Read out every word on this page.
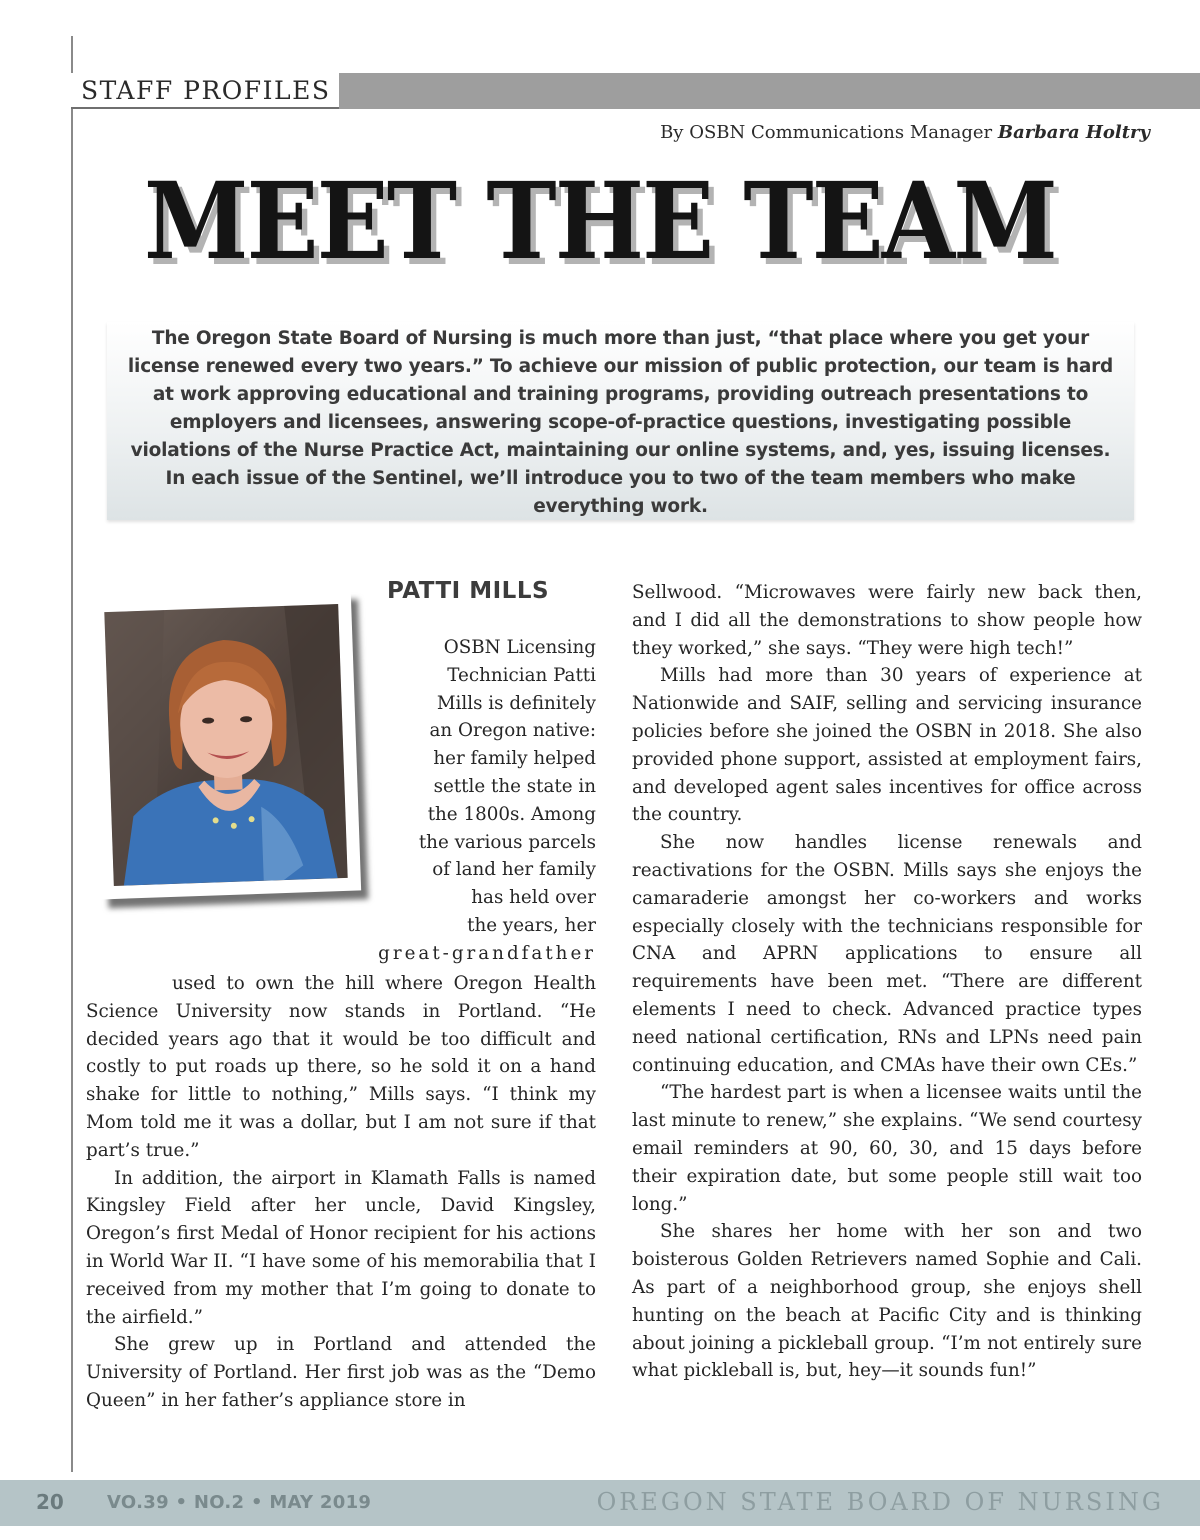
STAFF PROFILES
By OSBN Communications Manager Barbara Holtry
MEET THE TEAM

The Oregon State Board of Nursing is much more than just, “that place where you get your license renewed every two years.” To achieve our mission of public protection, our team is hard at work approving educational and training programs, providing outreach presentations to employers and licensees, answering scope-of-practice questions, investigating possible violations of the Nurse Practice Act, maintaining our online systems, and, yes, issuing licenses. In each issue of the Sentinel, we’ll introduce you to two of the team members who make everything work.

PATTI MILLS

OSBN Licensing

Technician Patti

Mills is definitely

an Oregon native:

her family helped

settle the state in

the 1800s. Among

the various parcels

of land her family

has held over

the years, her

great-grandfather

used to own the hill where Oregon Health Science University now stands in Portland. “He decided years ago that it would be too difficult and costly to put roads up there, so he sold it on a hand shake for little to nothing,” Mills says. “I think my Mom told me it was a dollar, but I am not sure if that part’s true.”

In addition, the airport in Klamath Falls is named Kingsley Field after her uncle, David Kingsley, Oregon’s first Medal of Honor recipient for his actions in World War II. “I have some of his memorabilia that I received from my mother that I’m going to donate to the airfield.”

She grew up in Portland and attended the University of Portland. Her first job was as the “Demo Queen” in her father’s appliance store in

Sellwood. “Microwaves were fairly new back then, and I did all the demonstrations to show people how they worked,” she says. “They were high tech!”

Mills had more than 30 years of experience at Nationwide and SAIF, selling and servicing insurance policies before she joined the OSBN in 2018. She also provided phone support, assisted at employment fairs, and developed agent sales incentives for office across the country.

She now handles license renewals and reactivations for the OSBN. Mills says she enjoys the camaraderie amongst her co-workers and works especially closely with the technicians responsible for CNA and APRN applications to ensure all requirements have been met. “There are different elements I need to check. Advanced practice types need national certification, RNs and LPNs need pain continuing education, and CMAs have their own CEs.”

“The hardest part is when a licensee waits until the last minute to renew,” she explains. “We send courtesy email reminders at 90, 60, 30, and 15 days before their expiration date, but some people still wait too long.”

She shares her home with her son and two boisterous Golden Retrievers named Sophie and Cali. As part of a neighborhood group, she enjoys shell hunting on the beach at Pacific City and is thinking about joining a pickleball group. “I’m not entirely sure what pickleball is, but, hey—it sounds fun!”

20 VO.39 • NO.2 • MAY 2019	OREGON STATE BOARD OF NURSING
